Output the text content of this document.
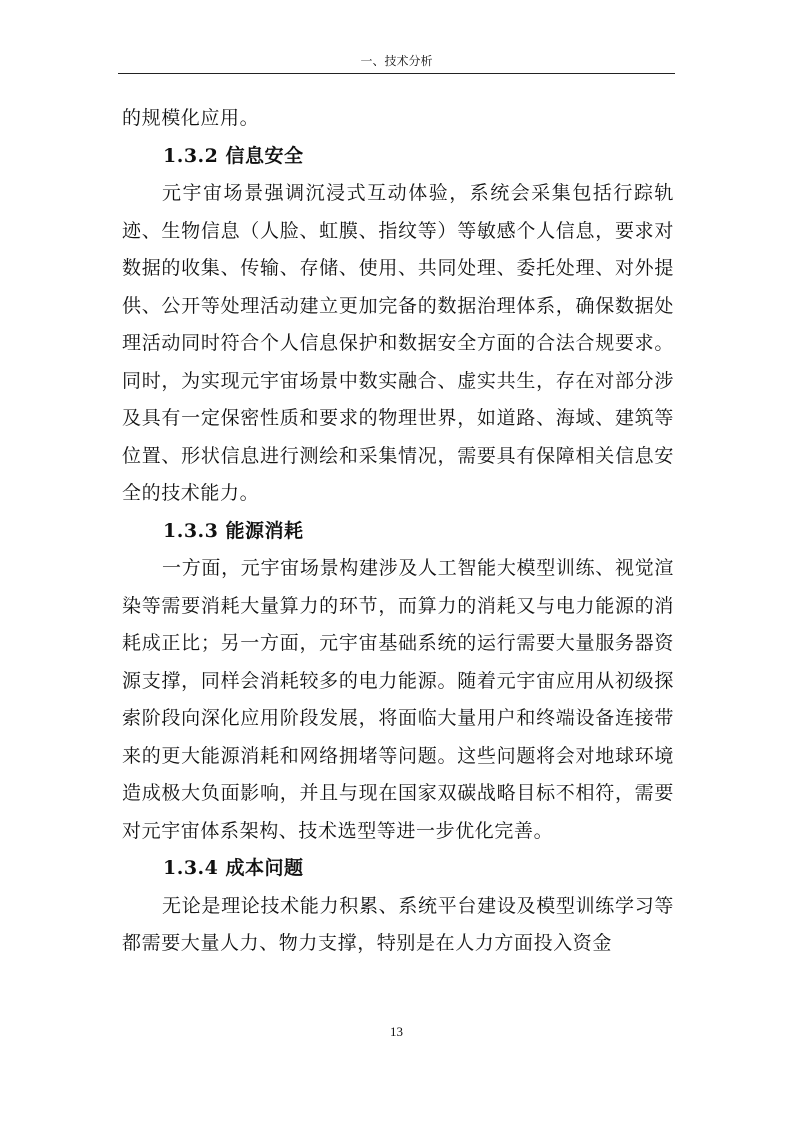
一、技术分析

的规模化应用。

1.3.2 信息安全

元宇宙场景强调沉浸式互动体验，系统会采集包括行踪轨迹、生物信息（人脸、虹膜、指纹等）等敏感个人信息，要求对数据的收集、传输、存储、使用、共同处理、委托处理、对外提供、公开等处理活动建立更加完备的数据治理体系，确保数据处理活动同时符合个人信息保护和数据安全方面的合法合规要求。同时，为实现元宇宙场景中数实融合、虚实共生，存在对部分涉及具有一定保密性质和要求的物理世界，如道路、海域、建筑等位置、形状信息进行测绘和采集情况，需要具有保障相关信息安全的技术能力。

1.3.3 能源消耗

一方面，元宇宙场景构建涉及人工智能大模型训练、视觉渲染等需要消耗大量算力的环节，而算力的消耗又与电力能源的消耗成正比；另一方面，元宇宙基础系统的运行需要大量服务器资源支撑，同样会消耗较多的电力能源。随着元宇宙应用从初级探索阶段向深化应用阶段发展，将面临大量用户和终端设备连接带来的更大能源消耗和网络拥堵等问题。这些问题将会对地球环境造成极大负面影响，并且与现在国家双碳战略目标不相符，需要对元宇宙体系架构、技术选型等进一步优化完善。

1.3.4 成本问题

无论是理论技术能力积累、系统平台建设及模型训练学习等都需要大量人力、物力支撑，特别是在人力方面投入资金

13
